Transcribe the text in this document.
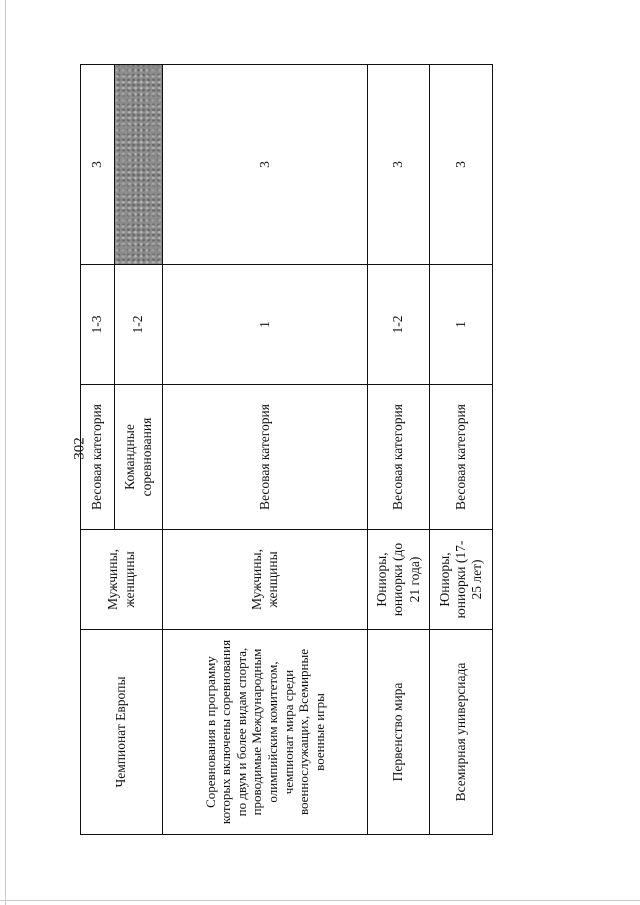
302
Чемпионат Европы	Мужчины, женщины	Весовая категория	1-3	3
		Командные соревнования	1-2	
Соревнования в программу которых включены соревнования по двум и более видам спорта, проводимые Международным олимпийским комитетом, чемпионат мира среди военнослужащих, Всемирные военные игры	Мужчины, женщины	Весовая категория	1	3
Первенство мира	Юниоры, юниорки (до 21 года)	Весовая категория	1-2	3
Всемирная универсиада	Юниоры, юниорки (17-25 лет)	Весовая категория	1	3
